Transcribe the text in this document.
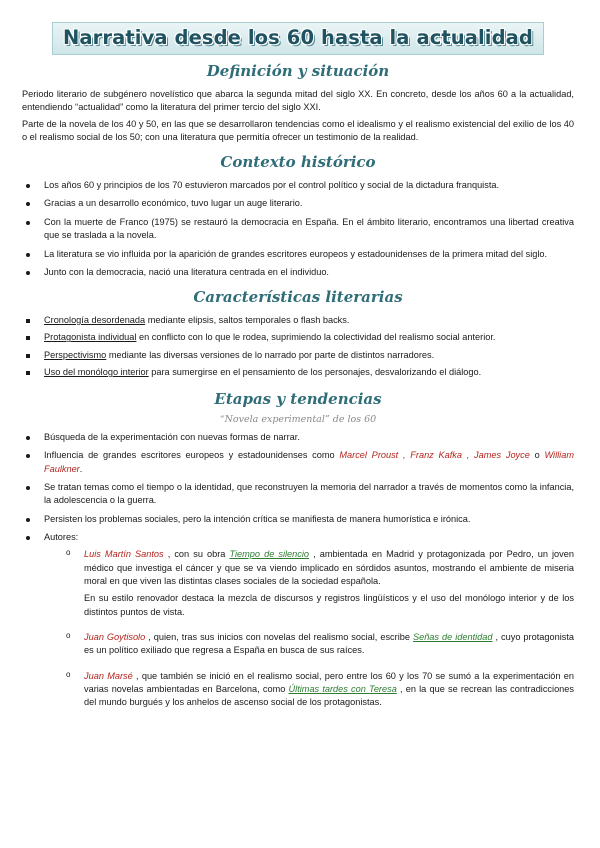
Narrativa desde los 60 hasta la actualidad
Definición y situación

Periodo literario de subgénero novelístico que abarca la segunda mitad del siglo XX. En concreto, desde los años 60 a la actualidad, entendiendo “actualidad” como la literatura del primer tercio del siglo XXI.

Parte de la novela de los 40 y 50, en las que se desarrollaron tendencias como el idealismo y el realismo existencial del exilio de los 40 o el realismo social de los 50; con una literatura que permitía ofrecer un testimonio de la realidad.

Contexto histórico
Los años 60 y principios de los 70 estuvieron marcados por el control político y social de la dictadura franquista.
Gracias a un desarrollo económico, tuvo lugar un auge literario.
Con la muerte de Franco (1975) se restauró la democracia en España. En el ámbito literario, encontramos una libertad creativa que se traslada a la novela.
La literatura se vio influida por la aparición de grandes escritores europeos y estadounidenses de la primera mitad del siglo.
Junto con la democracia, nació una literatura centrada en el individuo.
Características literarias
Cronología desordenada mediante elipsis, saltos temporales o flash backs.
Protagonista individual en conflicto con lo que le rodea, suprimiendo la colectividad del realismo social anterior.
Perspectivismo mediante las diversas versiones de lo narrado por parte de distintos narradores.
Uso del monólogo interior para sumergirse en el pensamiento de los personajes, desvalorizando el diálogo.
Etapas y tendencias
“Novela experimental” de los 60
Búsqueda de la experimentación con nuevas formas de narrar.
Influencia de grandes escritores europeos y estadounidenses como Marcel Proust , Franz Kafka , James Joyce o William Faulkner.
Se tratan temas como el tiempo o la identidad, que reconstruyen la memoria del narrador a través de momentos como la infancia, la adolescencia o la guerra.
Persisten los problemas sociales, pero la intención crítica se manifiesta de manera humorística e irónica.
Autores:
o Luis Martín Santos , con su obra Tiempo de silencio , ambientada en Madrid y protagonizada por Pedro, un joven médico que investiga el cáncer y que se va viendo implicado en sórdidos asuntos, mostrando el ambiente de miseria moral en que viven las distintas clases sociales de la sociedad española.
En su estilo renovador destaca la mezcla de discursos y registros lingüísticos y el uso del monólogo interior y de los distintos puntos de vista.
o Juan Goytisolo , quien, tras sus inicios con novelas del realismo social, escribe Señas de identidad , cuyo protagonista es un político exiliado que regresa a España en busca de sus raíces.
o Juan Marsé , que también se inició en el realismo social, pero entre los 60 y los 70 se sumó a la experimentación en varias novelas ambientadas en Barcelona, como Últimas tardes con Teresa , en la que se recrean las contradicciones del mundo burgués y los anhelos de ascenso social de los protagonistas.
